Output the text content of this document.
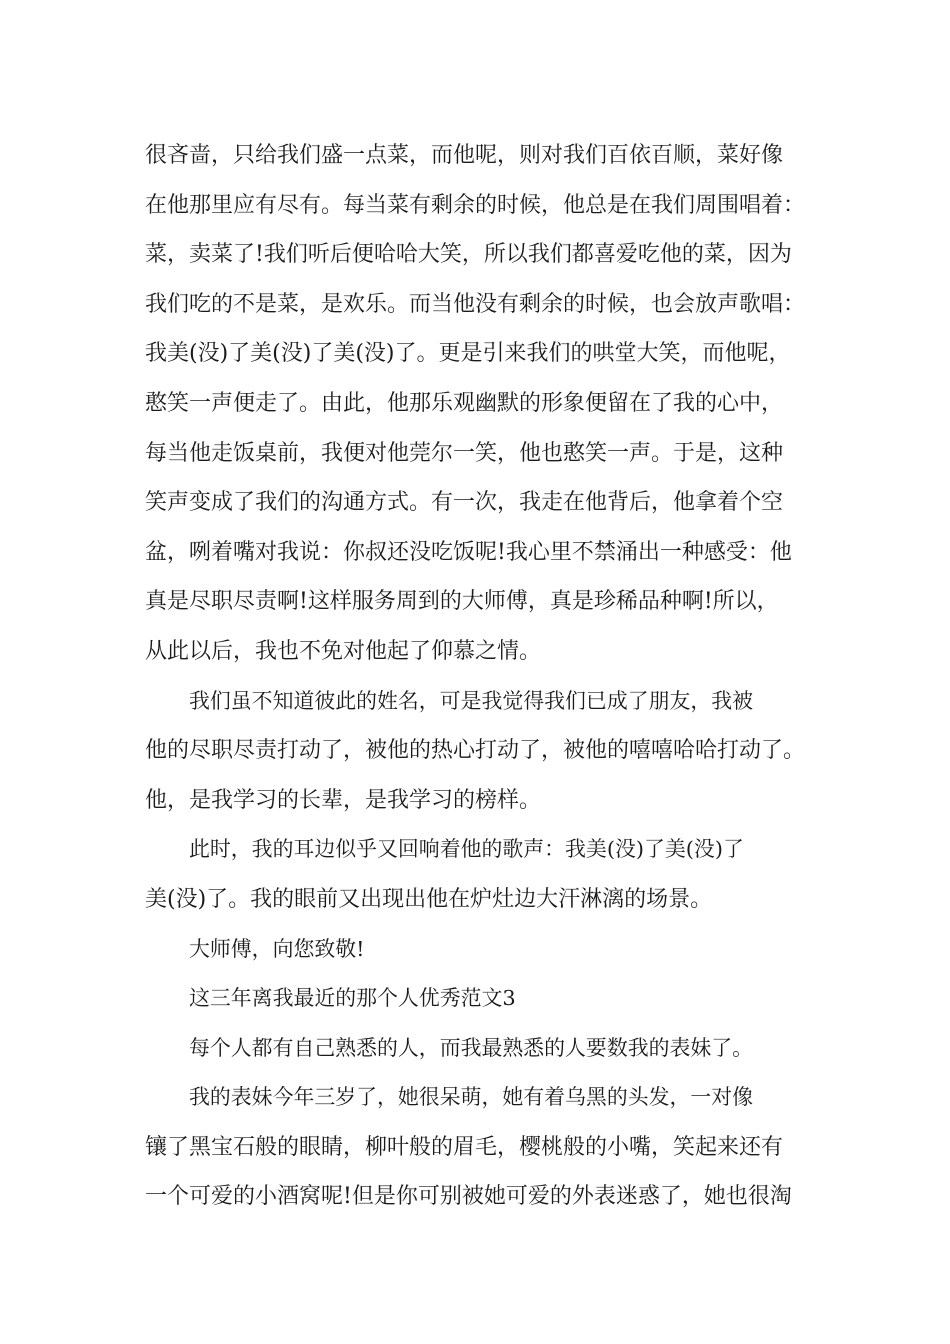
很吝啬，只给我们盛一点菜，而他呢，则对我们百依百顺，菜好像
在他那里应有尽有。每当菜有剩余的时候，他总是在我们周围唱着：
菜，卖菜了!我们听后便哈哈大笑，所以我们都喜爱吃他的菜，因为
我们吃的不是菜，是欢乐。而当他没有剩余的时候，也会放声歌唱：
我美(没)了美(没)了美(没)了。更是引来我们的哄堂大笑，而他呢，
憨笑一声便走了。由此，他那乐观幽默的形象便留在了我的心中，
每当他走饭桌前，我便对他莞尔一笑，他也憨笑一声。于是，这种
笑声变成了我们的沟通方式。有一次，我走在他背后，他拿着个空
盆，咧着嘴对我说：你叔还没吃饭呢!我心里不禁涌出一种感受：他
真是尽职尽责啊!这样服务周到的大师傅，真是珍稀品种啊!所以，
从此以后，我也不免对他起了仰慕之情。
我们虽不知道彼此的姓名，可是我觉得我们已成了朋友，我被
他的尽职尽责打动了，被他的热心打动了，被他的嘻嘻哈哈打动了。
他，是我学习的长辈，是我学习的榜样。
此时，我的耳边似乎又回响着他的歌声：我美(没)了美(没)了
美(没)了。我的眼前又出现出他在炉灶边大汗淋漓的场景。
大师傅，向您致敬!
这三年离我最近的那个人优秀范文3
每个人都有自己熟悉的人，而我最熟悉的人要数我的表妹了。
我的表妹今年三岁了，她很呆萌，她有着乌黑的头发，一对像
镶了黑宝石般的眼睛，柳叶般的眉毛，樱桃般的小嘴，笑起来还有
一个可爱的小酒窝呢!但是你可别被她可爱的外表迷惑了，她也很淘
